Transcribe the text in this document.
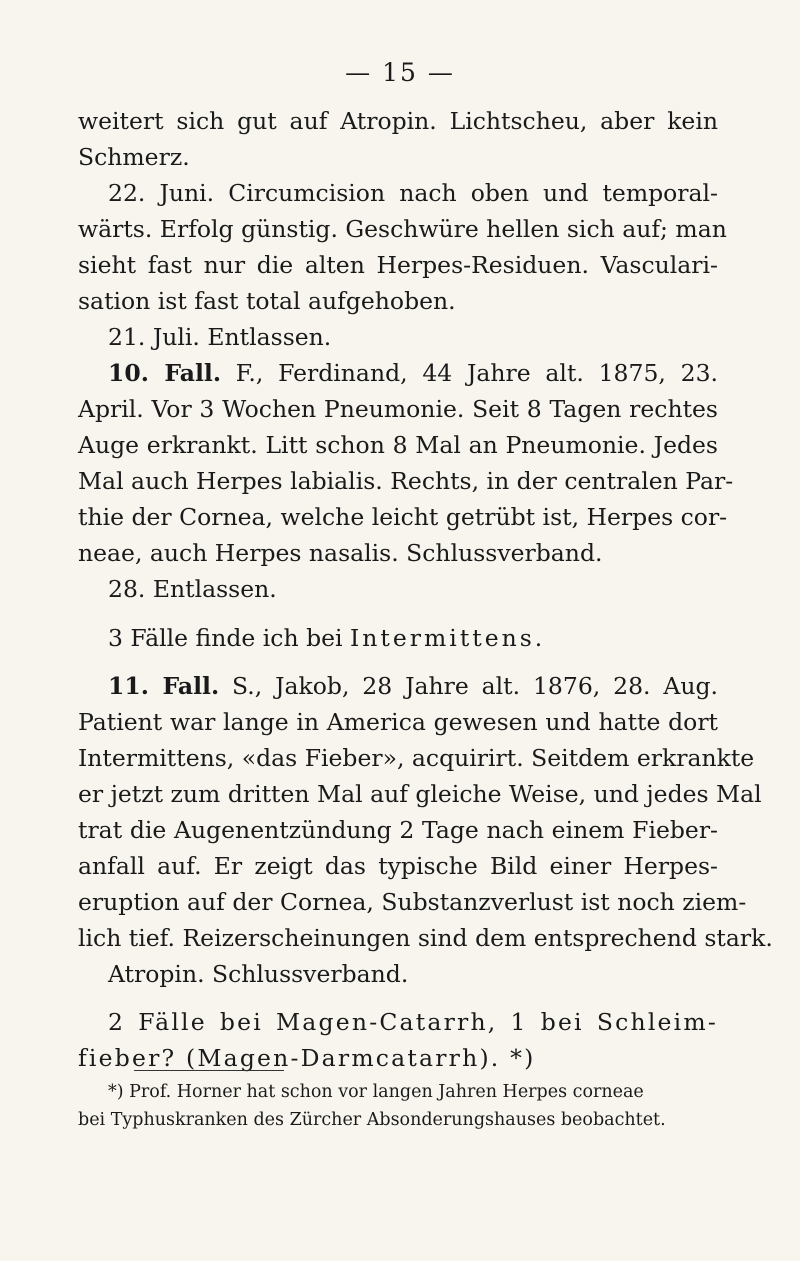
— 15 —
weitert sich gut auf Atropin. Lichtscheu, aber kein
Schmerz.
22. Juni. Circumcision nach oben und temporal-
wärts. Erfolg günstig. Geschwüre hellen sich auf; man
sieht fast nur die alten Herpes-Residuen. Vasculari-
sation ist fast total aufgehoben.
21. Juli. Entlassen.
10. Fall. F., Ferdinand, 44 Jahre alt. 1875, 23.
April. Vor 3 Wochen Pneumonie. Seit 8 Tagen rechtes
Auge erkrankt. Litt schon 8 Mal an Pneumonie. Jedes
Mal auch Herpes labialis. Rechts, in der centralen Par-
thie der Cornea, welche leicht getrübt ist, Herpes cor-
neae, auch Herpes nasalis. Schlussverband.
28. Entlassen.
3 Fälle finde ich bei Intermittens.
11. Fall. S., Jakob, 28 Jahre alt. 1876, 28. Aug.
Patient war lange in America gewesen und hatte dort
Intermittens, «das Fieber», acquirirt. Seitdem erkrankte
er jetzt zum dritten Mal auf gleiche Weise, und jedes Mal
trat die Augenentzündung 2 Tage nach einem Fieber-
anfall auf. Er zeigt das typische Bild einer Herpes-
eruption auf der Cornea, Substanzverlust ist noch ziem-
lich tief. Reizerscheinungen sind dem entsprechend stark.
Atropin. Schlussverband.
2 Fälle bei Magen-Catarrh, 1 bei Schleim-
fieber? (Magen-Darmcatarrh). *)
*) Prof. Horner hat schon vor langen Jahren Herpes corneae
bei Typhuskranken des Zürcher Absonderungshauses beobachtet.
